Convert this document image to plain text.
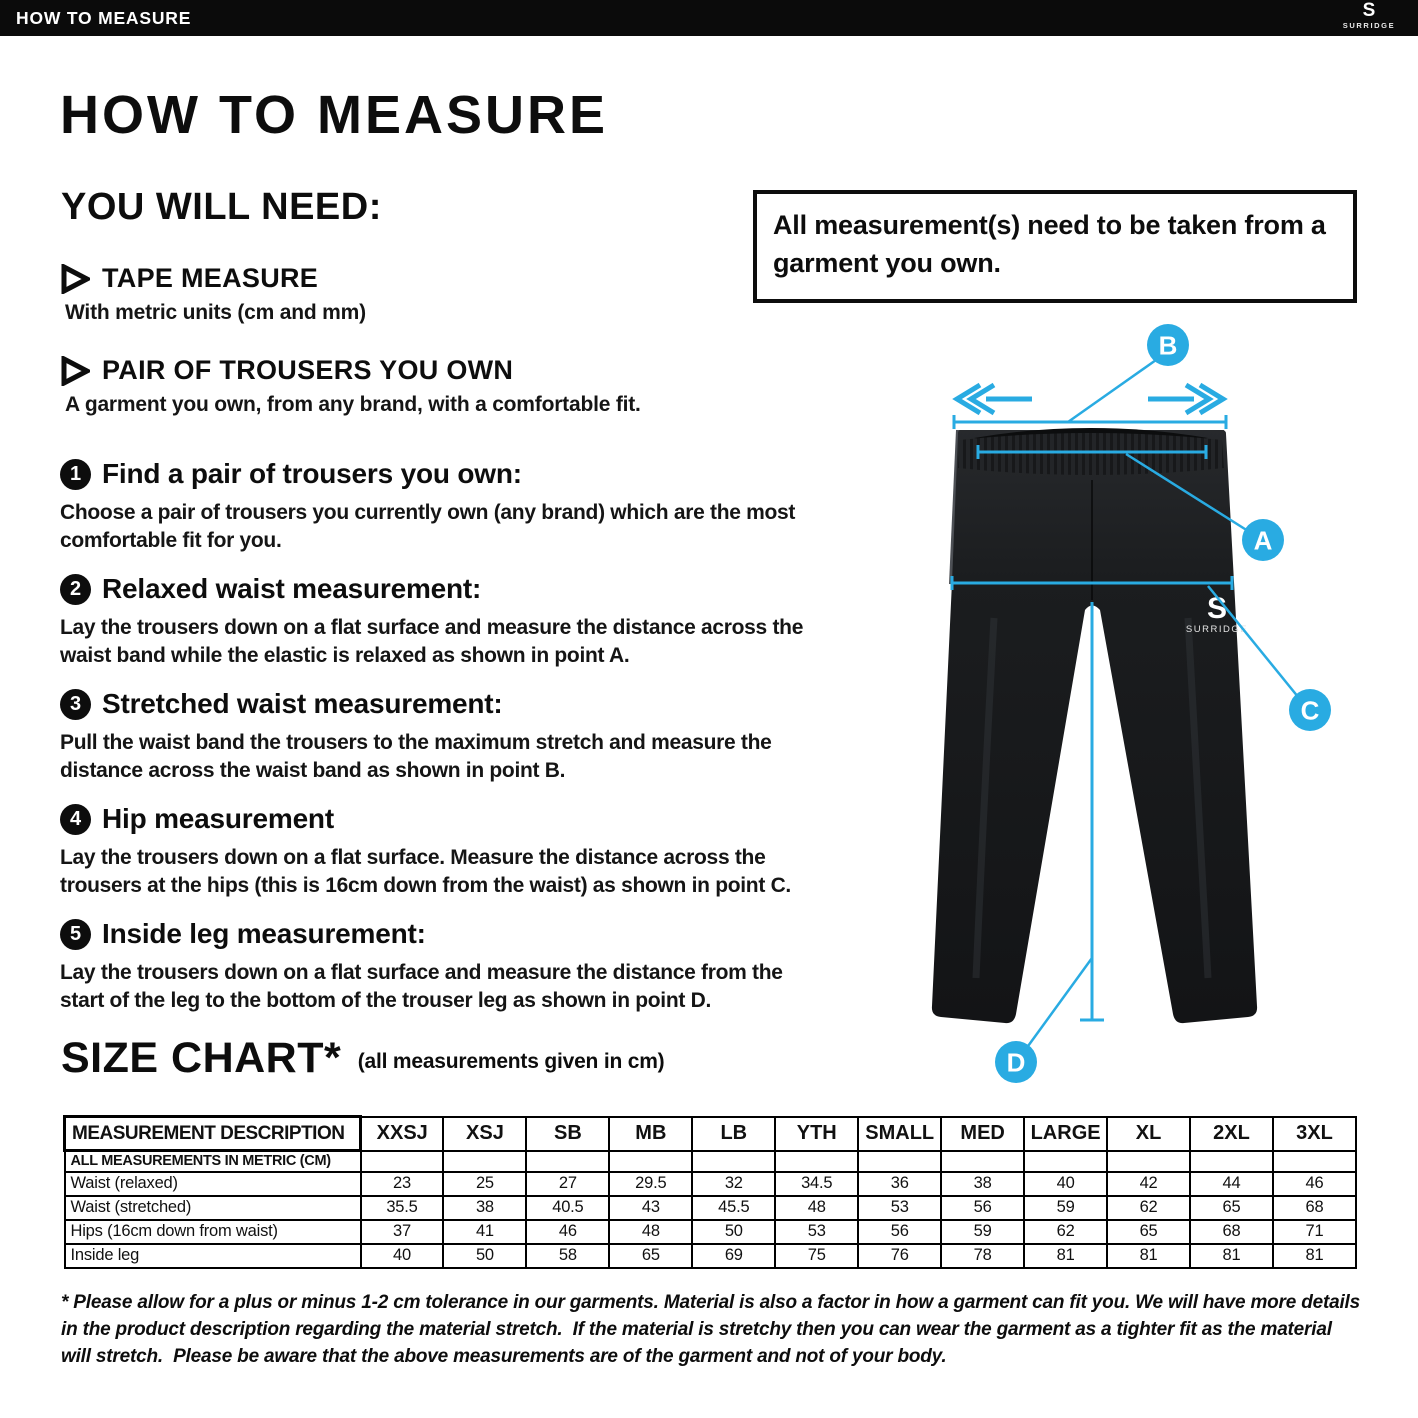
HOW TO MEASURE	S
SURRIDGE
HOW TO MEASURE
YOU WILL NEED:
TAPE MEASURE
With metric units (cm and mm)
PAIR OF TROUSERS YOU OWN
A garment you own, from any brand, with a comfortable fit.
1 Find a pair of trousers you own:

Choose a pair of trousers you currently own (any brand) which are the most comfortable fit for you.

2 Relaxed waist measurement:

Lay the trousers down on a flat surface and measure the distance across the waist band while the elastic is relaxed as shown in point A.

3 Stretched waist measurement:

Pull the waist band the trousers to the maximum stretch and measure the distance across the waist band as shown in point B.

4 Hip measurement

Lay the trousers down on a flat surface. Measure the distance across the trousers at the hips (this is 16cm down from the waist) as shown in point C.

5 Inside leg measurement:

Lay the trousers down on a flat surface and measure the distance from the start of the leg to the bottom of the trouser leg as shown in point D.

All measurement(s) need to be taken from a garment you own.

S
SURRIDGE
B
A
C
D
SIZE CHART* (all measurements given in cm)
MEASUREMENT DESCRIPTION	XXSJ	XSJ	SB	MB	LB	YTH	SMALL	MED	LARGE	XL	2XL	3XL
ALL MEASUREMENTS IN METRIC (CM)												
Waist (relaxed)	23	25	27	29.5	32	34.5	36	38	40	42	44	46
Waist (stretched)	35.5	38	40.5	43	45.5	48	53	56	59	62	65	68
Hips (16cm down from waist)	37	41	46	48	50	53	56	59	62	65	68	71
Inside leg	40	50	58	65	69	75	76	78	81	81	81	81

* Please allow for a plus or minus 1-2 cm tolerance in our garments. Material is also a factor in how a garment can fit you. We will have more details in the product description regarding the material stretch.  If the material is stretchy then you can wear the garment as a tighter fit as the material will stretch.  Please be aware that the above measurements are of the garment and not of your body.
